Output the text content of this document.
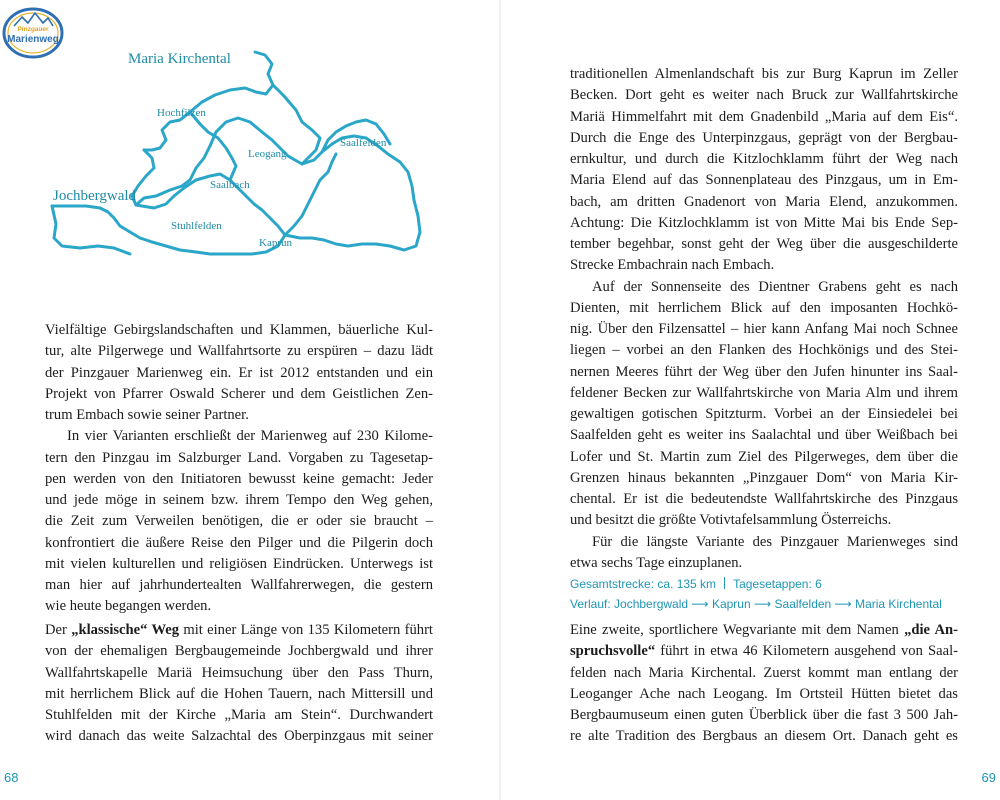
Pinzgauer
Marienweg
Maria Kirchental
Hochfilzen
Saalfelden
Leogang
Saalbach
Jochbergwald
Stuhlfelden
Kaprun

Vielfältige Gebirgslandschaften und Klammen, bäuerliche Kul-
tur, alte Pilgerwege und Wallfahrtsorte zu erspüren – dazu lädt
der Pinzgauer Marienweg ein. Er ist 2012 entstanden und ein
Projekt von Pfarrer Oswald Scherer und dem Geistlichen Zen-
trum Embach sowie seiner Partner.

In vier Varianten erschließt der Marienweg auf 230 Kilome-
tern den Pinzgau im Salzburger Land. Vorgaben zu Tagesetap-
pen werden von den Initiatoren bewusst keine gemacht: Jeder
und jede möge in seinem bzw. ihrem Tempo den Weg gehen,
die Zeit zum Verweilen benötigen, die er oder sie braucht –
konfrontiert die äußere Reise den Pilger und die Pilgerin doch
mit vielen kulturellen und religiösen Eindrücken. Unterwegs ist
man hier auf jahrhundertealten Wallfahrerwegen, die gestern
wie heute begangen werden.

Der „klassische“ Weg mit einer Länge von 135 Kilometern führt
von der ehemaligen Bergbaugemeinde Jochbergwald und ihrer
Wallfahrtskapelle Mariä Heimsuchung über den Pass Thurn,
mit herrlichem Blick auf die Hohen Tauern, nach Mittersill und
Stuhlfelden mit der Kirche „Maria am Stein“. Durchwandert
wird danach das weite Salzachtal des Oberpinzgaus mit seiner

68

traditionellen Almenlandschaft bis zur Burg Kaprun im Zeller
Becken. Dort geht es weiter nach Bruck zur Wallfahrtskirche
Mariä Himmelfahrt mit dem Gnadenbild „Maria auf dem Eis“.
Durch die Enge des Unterpinzgaus, geprägt von der Bergbau-
ernkultur, und durch die Kitzlochklamm führt der Weg nach
Maria Elend auf das Sonnenplateau des Pinzgaus, um in Em-
bach, am dritten Gnadenort von Maria Elend, anzukommen.
Achtung: Die Kitzlochklamm ist von Mitte Mai bis Ende Sep-
tember begehbar, sonst geht der Weg über die ausgeschilderte
Strecke Embachrain nach Embach.

Auf der Sonnenseite des Dientner Grabens geht es nach
Dienten, mit herrlichem Blick auf den imposanten Hochkö-
nig. Über den Filzensattel – hier kann Anfang Mai noch Schnee
liegen – vorbei an den Flanken des Hochkönigs und des Stei-
nernen Meeres führt der Weg über den Jufen hinunter ins Saal-
feldener Becken zur Wallfahrtskirche von Maria Alm und ihrem
gewaltigen gotischen Spitzturm. Vorbei an der Einsiedelei bei
Saalfelden geht es weiter ins Saalachtal und über Weißbach bei
Lofer und St. Martin zum Ziel des Pilgerweges, dem über die
Grenzen hinaus bekannten „Pinzgauer Dom“ von Maria Kir-
chental. Er ist die bedeutendste Wallfahrtskirche des Pinzgaus
und besitzt die größte Votivtafelsammlung Österreichs.

Für die längste Variante des Pinzgauer Marienweges sind
etwa sechs Tage einzuplanen.

Gesamtstrecke: ca. 135 km Tagesetappen: 6
Verlauf: Jochbergwald ⟶ Kaprun ⟶ Saalfelden ⟶ Maria Kirchental

Eine zweite, sportlichere Wegvariante mit dem Namen „die An-
spruchsvolle“ führt in etwa 46 Kilometern ausgehend von Saal-
felden nach Maria Kirchental. Zuerst kommt man entlang der
Leoganger Ache nach Leogang. Im Ortsteil Hütten bietet das
Bergbaumuseum einen guten Überblick über die fast 3 500 Jah-
re alte Tradition des Bergbaus an diesem Ort. Danach geht es

69
